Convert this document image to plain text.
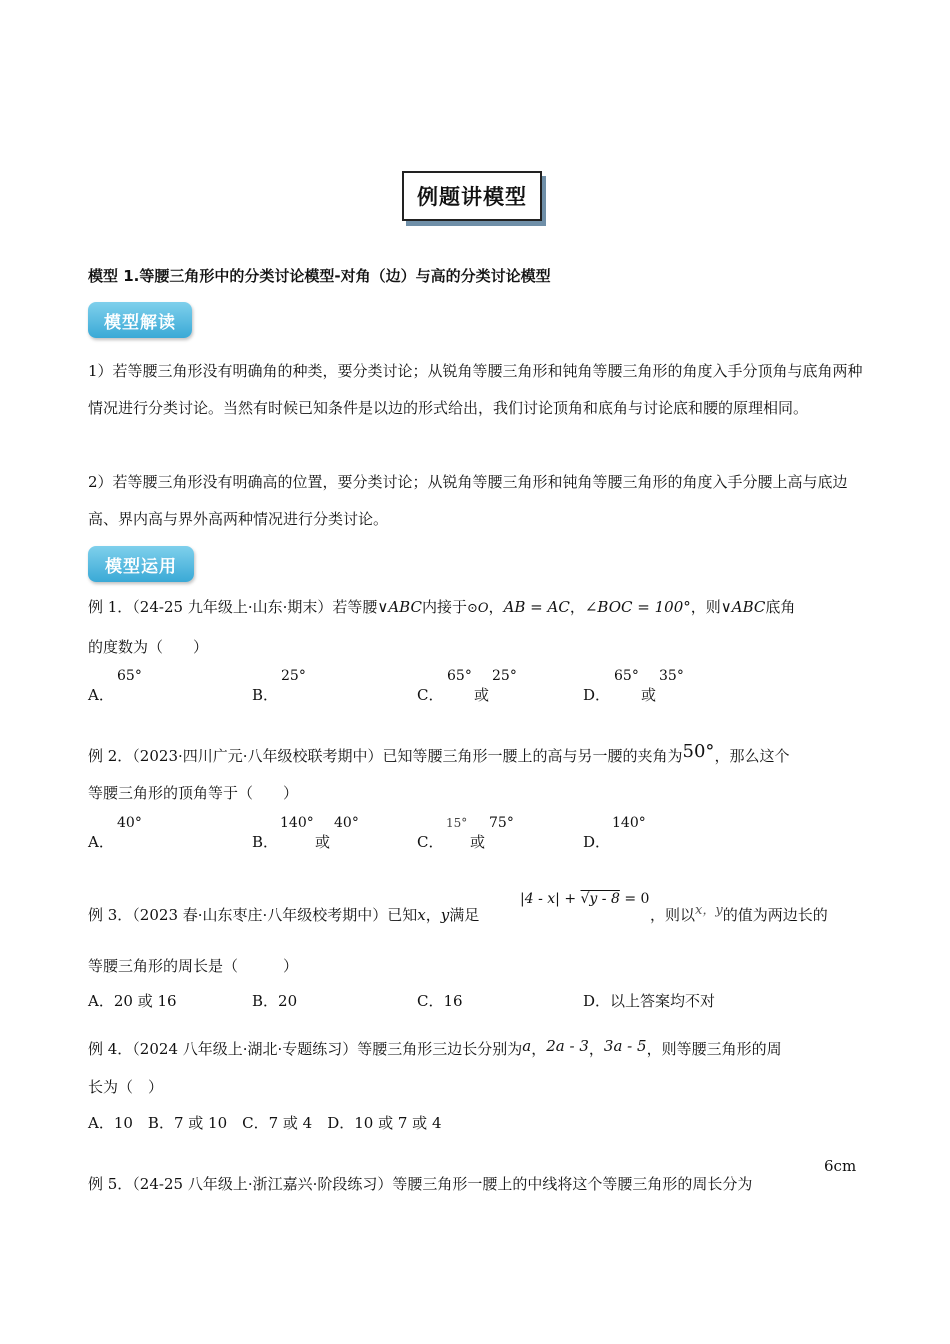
例题讲模型
模型 1.等腰三角形中的分类讨论模型-对角（边）与高的分类讨论模型
模型解读

1）若等腰三角形没有明确角的种类，要分类讨论；从锐角等腰三角形和钝角等腰三角形的角度入手分顶角与底角两种情况进行分类讨论。当然有时候已知条件是以边的形式给出，我们讨论顶角和底角与讨论底和腰的原理相同。

2）若等腰三角形没有明确高的位置，要分类讨论；从锐角等腰三角形和钝角等腰三角形的角度入手分腰上高与底边高、界内高与界外高两种情况进行分类讨论。

模型运用
例 1．（24-25 九年级上·山东·期末）若等腰∨ABC内接于⊙O，AB = AC，∠BOC = 100°，则∨ABC底角
的度数为（　　）
A．
65°
B．
25°
C．
65°
或
25°
D．
65°
或
35°
例 2．（2023·四川广元·八年级校联考期中）已知等腰三角形一腰上的高与另一腰的夹角为50°，那么这个
等腰三角形的顶角等于（　　）
A．
40°
B．
140°
或
40°
C．
15°
或
75°
D．
140°
例 3．（2023 春·山东枣庄·八年级校考期中）已知x，y满足
|4 - x| + √y - 8 = 0
，则以x，y的值为两边长的
等腰三角形的周长是（　　　）
A．20 或 16	B．20	C．16	D．以上答案均不对
例 4．（2024 八年级上·湖北·专题练习）等腰三角形三边长分别为a，2a - 3，3a - 5，则等腰三角形的周
长为（　）
A．10　B．7 或 10　C．7 或 4　D．10 或 7 或 4
6cm
例 5．（24-25 八年级上·浙江嘉兴·阶段练习）等腰三角形一腰上的中线将这个等腰三角形的周长分为
